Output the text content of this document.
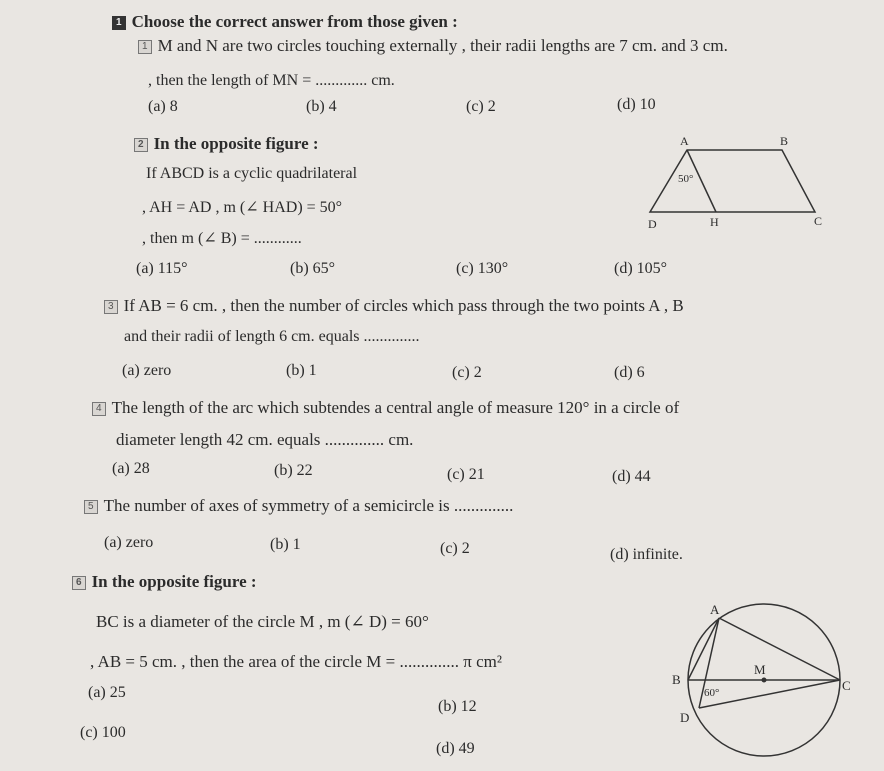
1 Choose the correct answer from those given :
1 M and N are two circles touching externally , their radii lengths are 7 cm. and 3 cm.
, then the length of MN = ............. cm.
(a) 8	(b) 4	(c) 2	(d) 10
2 In the opposite figure :
If ABCD is a cyclic quadrilateral
, AH = AD , m (∠ HAD) = 50°
, then m (∠ B) = ............
(a) 115°	(b) 65°	(c) 130°	(d) 105°
A	B
C
D	H
50°
3 If AB = 6 cm. , then the number of circles which pass through the two points A , B
and their radii of length 6 cm. equals ..............
(a) zero	(b) 1	(c) 2	(d) 6
4 The length of the arc which subtendes a central angle of measure 120° in a circle of
diameter length 42 cm. equals .............. cm.
(a) 28	(b) 22	(c) 21	(d) 44
5 The number of axes of symmetry of a semicircle is ..............
(a) zero	(b) 1	(c) 2	(d) infinite.
6 In the opposite figure :
BC is a diameter of the circle M , m (∠ D) = 60°
, AB = 5 cm. , then the area of the circle M = .............. π cm²
(a) 25
(b) 12
(c) 100
(d) 49
A
B	C
D
M
60°
